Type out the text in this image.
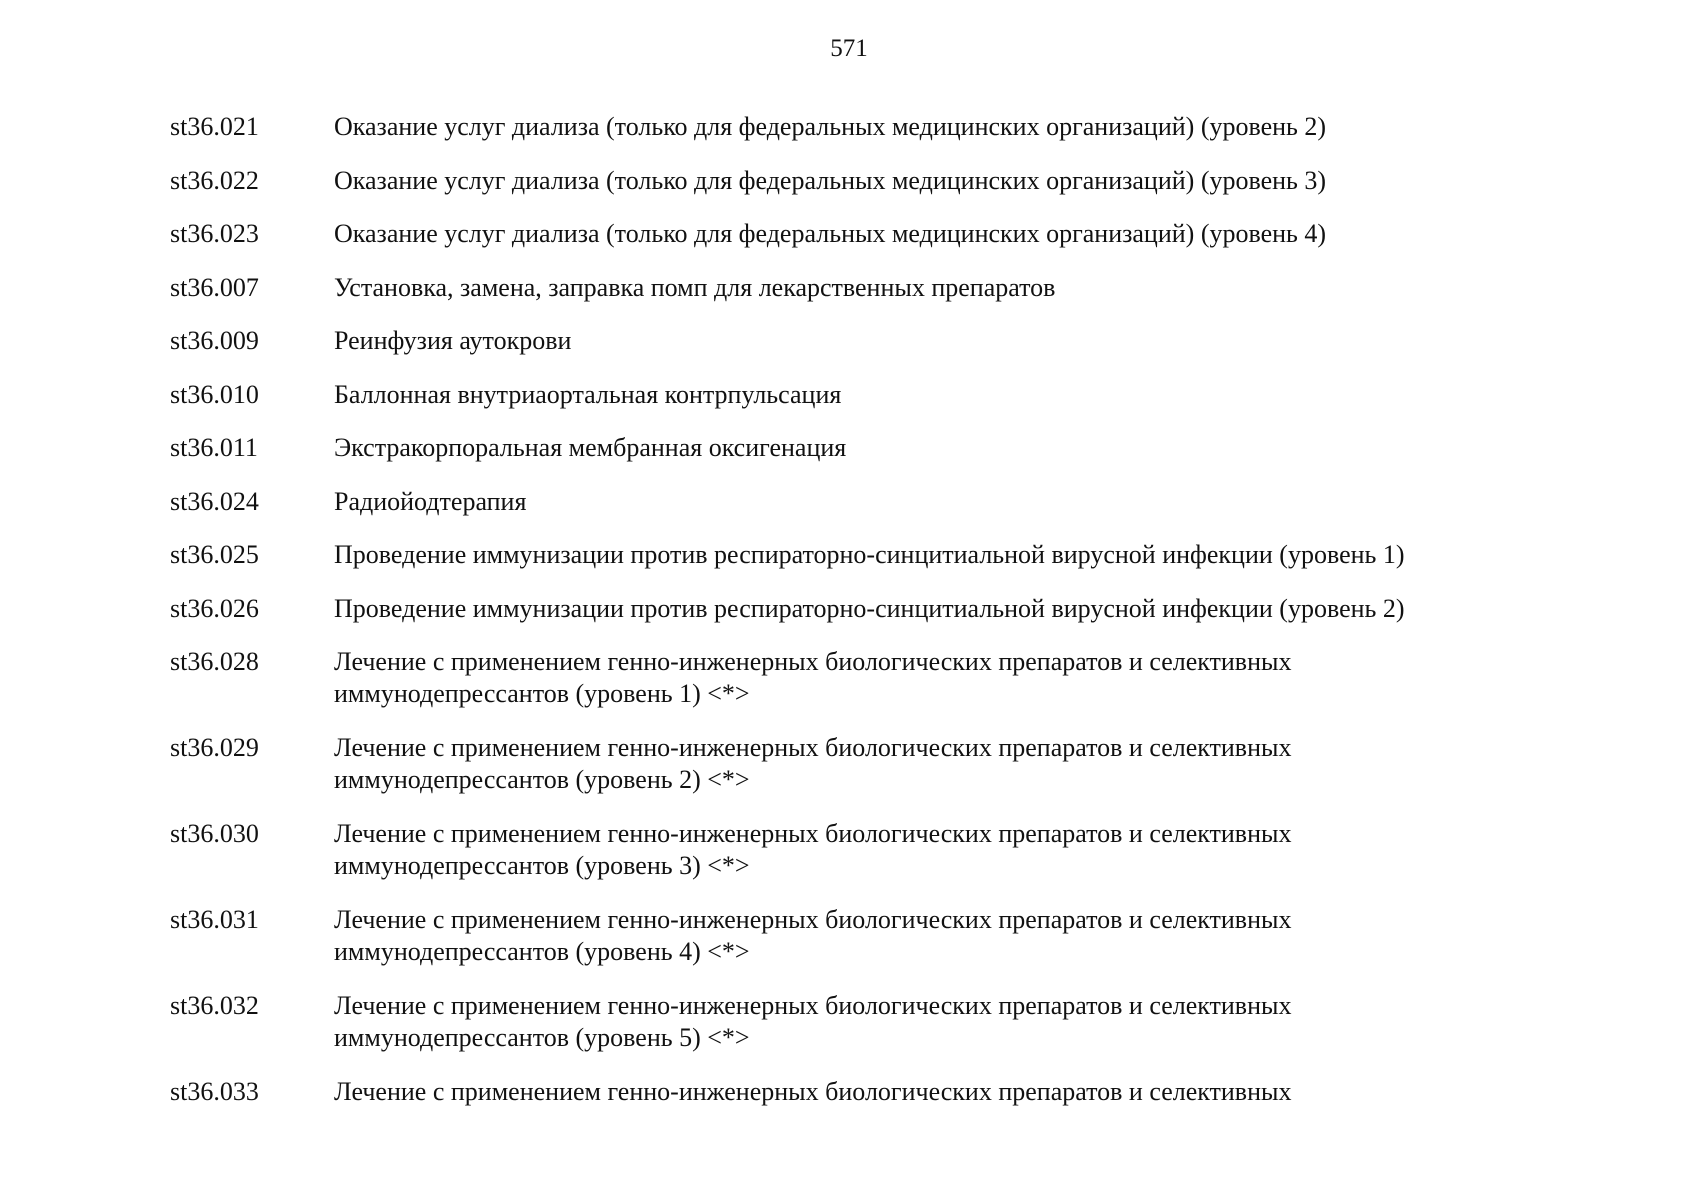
571
st36.021	Оказание услуг диализа (только для федеральных медицинских организаций) (уровень 2)
st36.022	Оказание услуг диализа (только для федеральных медицинских организаций) (уровень 3)
st36.023	Оказание услуг диализа (только для федеральных медицинских организаций) (уровень 4)
st36.007	Установка, замена, заправка помп для лекарственных препаратов
st36.009	Реинфузия аутокрови
st36.010	Баллонная внутриаортальная контрпульсация
st36.011	Экстракорпоральная мембранная оксигенация
st36.024	Радиойодтерапия
st36.025	Проведение иммунизации против респираторно-синцитиальной вирусной инфекции (уровень 1)
st36.026	Проведение иммунизации против респираторно-синцитиальной вирусной инфекции (уровень 2)
st36.028	Лечение с применением генно-инженерных биологических препаратов и селективных
иммунодепрессантов (уровень 1) <*>
st36.029	Лечение с применением генно-инженерных биологических препаратов и селективных
иммунодепрессантов (уровень 2) <*>
st36.030	Лечение с применением генно-инженерных биологических препаратов и селективных
иммунодепрессантов (уровень 3) <*>
st36.031	Лечение с применением генно-инженерных биологических препаратов и селективных
иммунодепрессантов (уровень 4) <*>
st36.032	Лечение с применением генно-инженерных биологических препаратов и селективных
иммунодепрессантов (уровень 5) <*>
st36.033	Лечение с применением генно-инженерных биологических препаратов и селективных
